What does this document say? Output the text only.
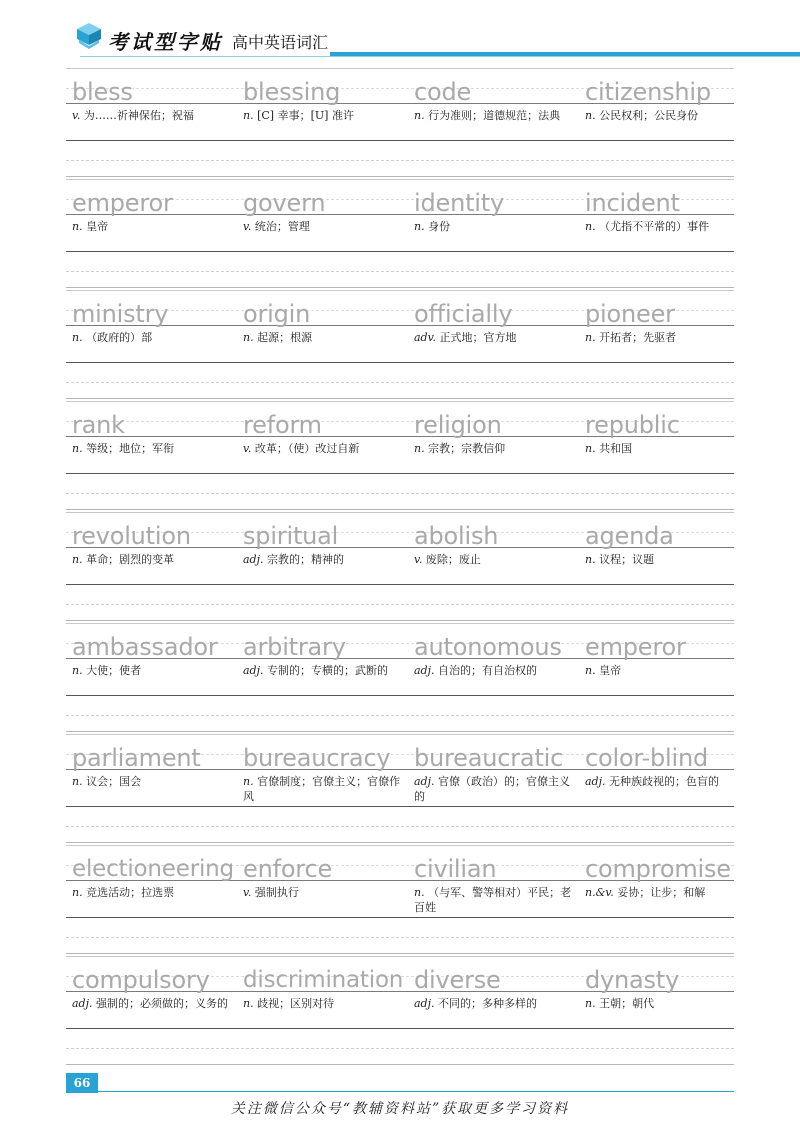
考试型字贴 高中英语词汇
bless
v. 为……祈神保佑；祝福
blessing
n. [C] 幸事；[U] 准许
code
n. 行为准则；道德规范；法典
citizenship
n. 公民权利；公民身份
emperor
n. 皇帝
govern
v. 统治；管理
identity
n. 身份
incident
n. （尤指不平常的）事件
ministry
n. （政府的）部
origin
n. 起源；根源
officially
adv. 正式地；官方地
pioneer
n. 开拓者；先驱者
rank
n. 等级；地位；军衔
reform
v. 改革；（使）改过自新
religion
n. 宗教；宗教信仰
republic
n. 共和国
revolution
n. 革命；剧烈的变革
spiritual
adj. 宗教的；精神的
abolish
v. 废除；废止
agenda
n. 议程；议题
ambassador
n. 大使；使者
arbitrary
adj. 专制的；专横的；武断的
autonomous
adj. 自治的；有自治权的
emperor
n. 皇帝
parliament
n. 议会；国会
bureaucracy
n. 官僚制度；官僚主义；官僚作风
bureaucratic
adj. 官僚（政治）的；官僚主义的
color-blind
adj. 无种族歧视的；色盲的
electioneering
n. 竞选活动；拉选票
enforce
v. 强制执行
civilian
n. （与军、警等相对）平民；老百姓
compromise
n.&v. 妥协；让步；和解
compulsory
adj. 强制的；必须做的；义务的
discrimination
n. 歧视；区别对待
diverse
adj. 不同的；多种多样的
dynasty
n. 王朝；朝代
66
关注微信公众号“教辅资料站”获取更多学习资料
